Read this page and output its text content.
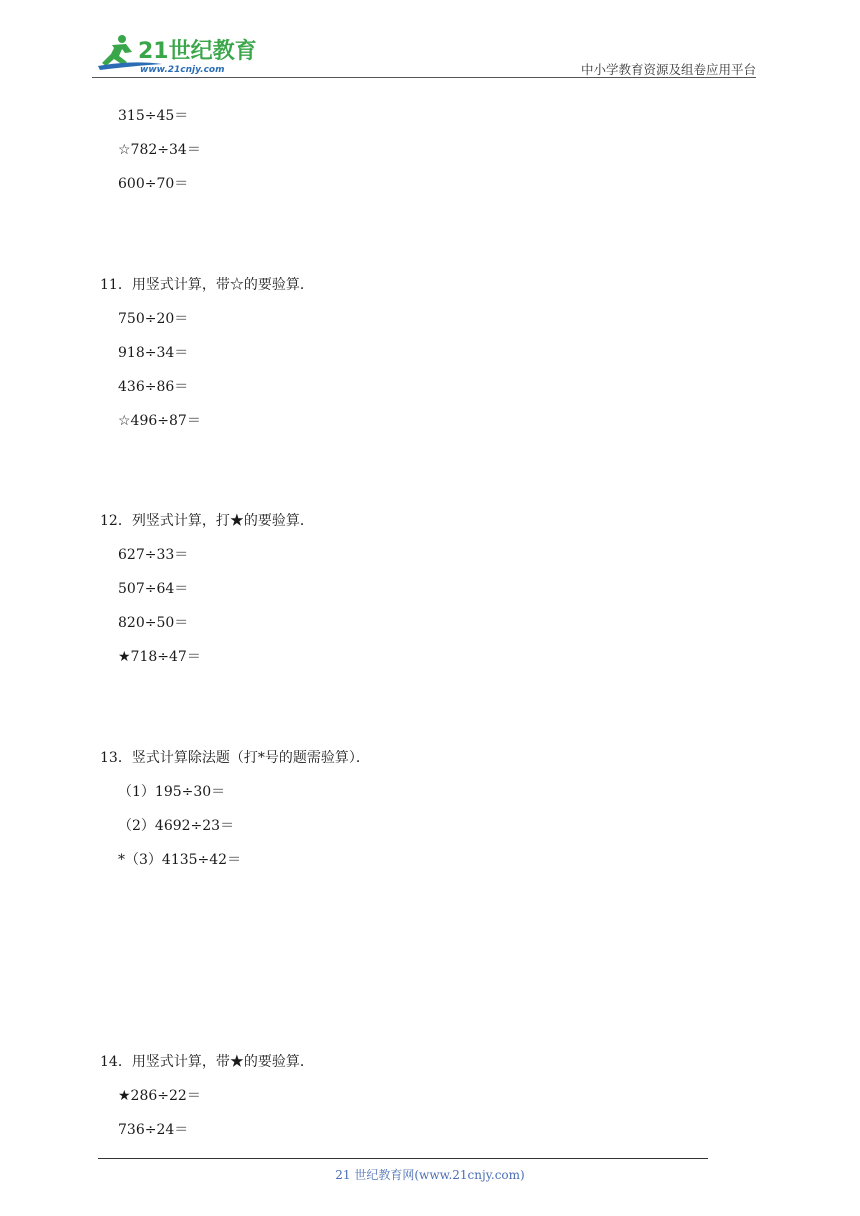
21世纪教育
www.21cnjy.com	中小学教育资源及组卷应用平台
315÷45＝
☆782÷34＝
600÷70＝
11．用竖式计算，带☆的要验算．
750÷20＝
918÷34＝
436÷86＝
☆496÷87＝
12．列竖式计算，打★的要验算．
627÷33＝
507÷64＝
820÷50＝
★718÷47＝
13．竖式计算除法题（打*号的题需验算）．
（1）195÷30＝
（2）4692÷23＝
*（3）4135÷42＝
14．用竖式计算，带★的要验算．
★286÷22＝
736÷24＝
21 世纪教育网(www.21cnjy.com)
